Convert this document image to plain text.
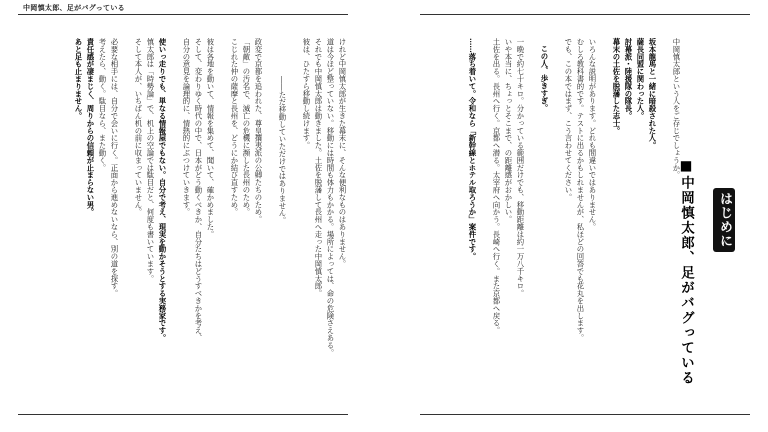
中岡慎太郎、足がバグっている
けれど中岡慎太郎が生きた幕末に、そんな便利なものはありません。
道は今ほど整っていない。移動には時間も体力もかかる。場所によっては、命の危険さえある。
それでも中岡慎太郎は動きました。土佐を脱藩して長州へ走った中岡慎太郎。
彼は、ひたすら移動し続けます。
――ただ移動していただけではありません。
政変で京都を追われた、尊皇攘夷派の公卿たちのため。
「朝敵」の汚名で、滅亡の危機に瀕した長州のため。
こじれた仲の薩摩と長州を、どうにか結び直すため。
彼は各地を動いて、情報を集めて、聞いて、確かめました。
そして、変わりゆく時代の中で、日本がどう動くべきか、自分たちはどうすべきかを考え、
自分の意見を論理的に、情熱的にぶつけていきます。
使いっ走りでも、単なる情報屋でもない。自分で考え、現実を動かそうとする実務家です。
慎太郎は「時勢論」で、机上の空論では駄目だと、何度も書いています。
そして本人が、いちばん机の前に収まっていません。
必要な相手には、自分で会いに行く。正面から進めないなら、別の道を探す。
考えたら、動く。駄目なら、また動く。
責任感が凄まじく、周りからの信頼が止まらない男。
あと足も止まりません。	中岡慎太郎という人をご存じでしょうか。
坂本龍馬と一緒に暗殺された人。
薩長同盟に関わった人。
討幕派・陸援隊の隊長。
幕末の土佐を脱藩した志士。
いろんな説明があります。どれも間違いではありません。
むしろ教科書的です。テストに出るかもしれませんが、私ほどの回答でも花丸を出します。
でも、この本ではまず、こう言わせてください。
この人、歩きすぎ。
一晩で約七十キロ。分かっている範囲だけでも、移動距離は約一万八千キロ。
いや本当に、ちょっとそこまで、の距離感がおかしい。
土佐を出る。長州へ行く。京都へ潜る。太宰府へ向かう。長崎へ行く。また京都へ戻る。
……落ち着いて。令和なら「新幹線とホテル取ろうか」案件です。	はじめに
■中岡慎太郎、足がバグっている
